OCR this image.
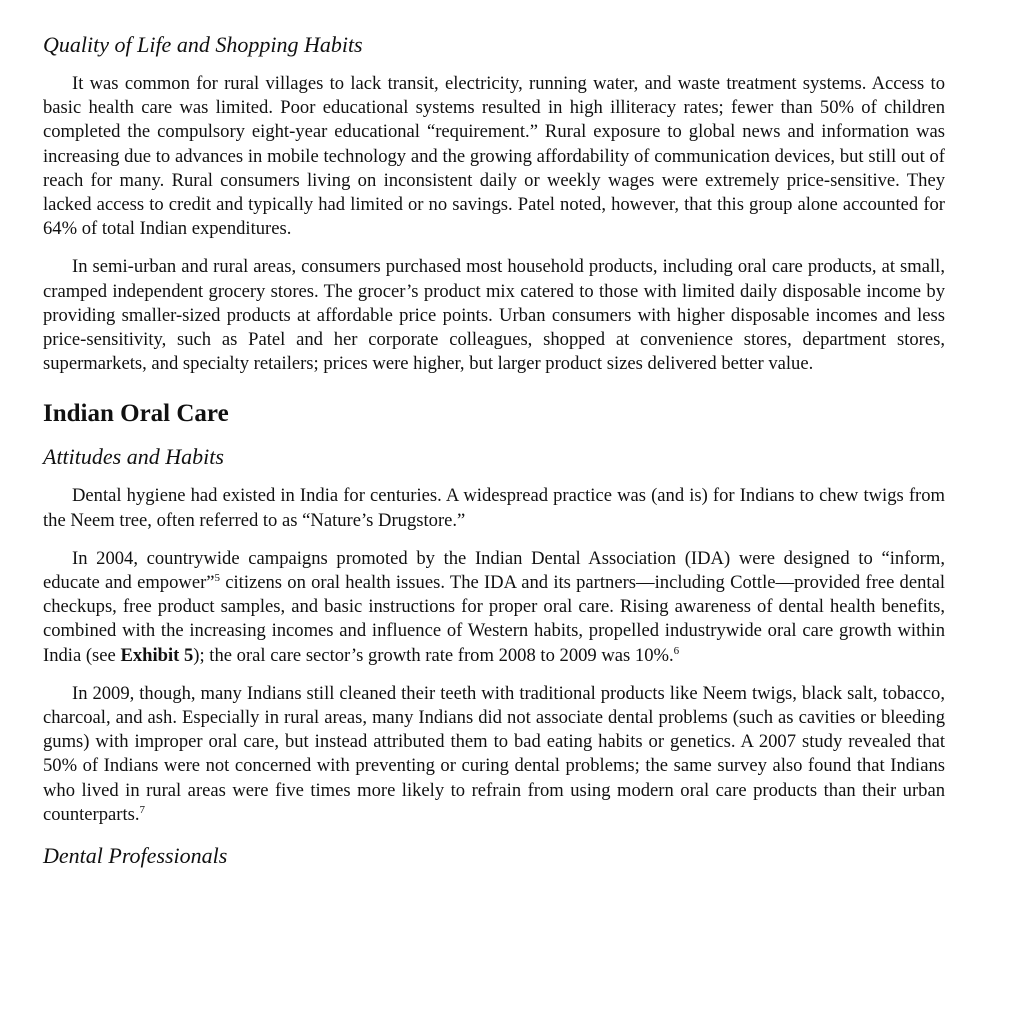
Quality of Life and Shopping Habits

It was common for rural villages to lack transit, electricity, running water, and waste treatment systems. Access to basic health care was limited. Poor educational systems resulted in high illiteracy rates; fewer than 50% of children completed the compulsory eight-year educational “requirement.” Rural exposure to global news and information was increasing due to advances in mobile technology and the growing affordability of communication devices, but still out of reach for many. Rural consumers living on inconsistent daily or weekly wages were extremely price-sensitive. They lacked access to credit and typically had limited or no savings. Patel noted, however, that this group alone accounted for 64% of total Indian expenditures.

In semi-urban and rural areas, consumers purchased most household products, including oral care products, at small, cramped independent grocery stores. The grocer’s product mix catered to those with limited daily disposable income by providing smaller-sized products at affordable price points. Urban consumers with higher disposable incomes and less price-sensitivity, such as Patel and her corporate colleagues, shopped at convenience stores, department stores, supermarkets, and specialty retailers; prices were higher, but larger product sizes delivered better value.

Indian Oral Care
Attitudes and Habits

Dental hygiene had existed in India for centuries. A widespread practice was (and is) for Indians to chew twigs from the Neem tree, often referred to as “Nature’s Drugstore.”

In 2004, countrywide campaigns promoted by the Indian Dental Association (IDA) were designed to “inform, educate and empower”$^5$ citizens on oral health issues. The IDA and its partners—including Cottle—provided free dental checkups, free product samples, and basic instructions for proper oral care. Rising awareness of dental health benefits, combined with the increasing incomes and influence of Western habits, propelled industrywide oral care growth within India (see Exhibit 5); the oral care sector’s growth rate from 2008 to 2009 was 10%.$^6$

In 2009, though, many Indians still cleaned their teeth with traditional products like Neem twigs, black salt, tobacco, charcoal, and ash. Especially in rural areas, many Indians did not associate dental problems (such as cavities or bleeding gums) with improper oral care, but instead attributed them to bad eating habits or genetics. A 2007 study revealed that 50% of Indians were not concerned with preventing or curing dental problems; the same survey also found that Indians who lived in rural areas were five times more likely to refrain from using modern oral care products than their urban counterparts.$^7$

Dental Professionals
